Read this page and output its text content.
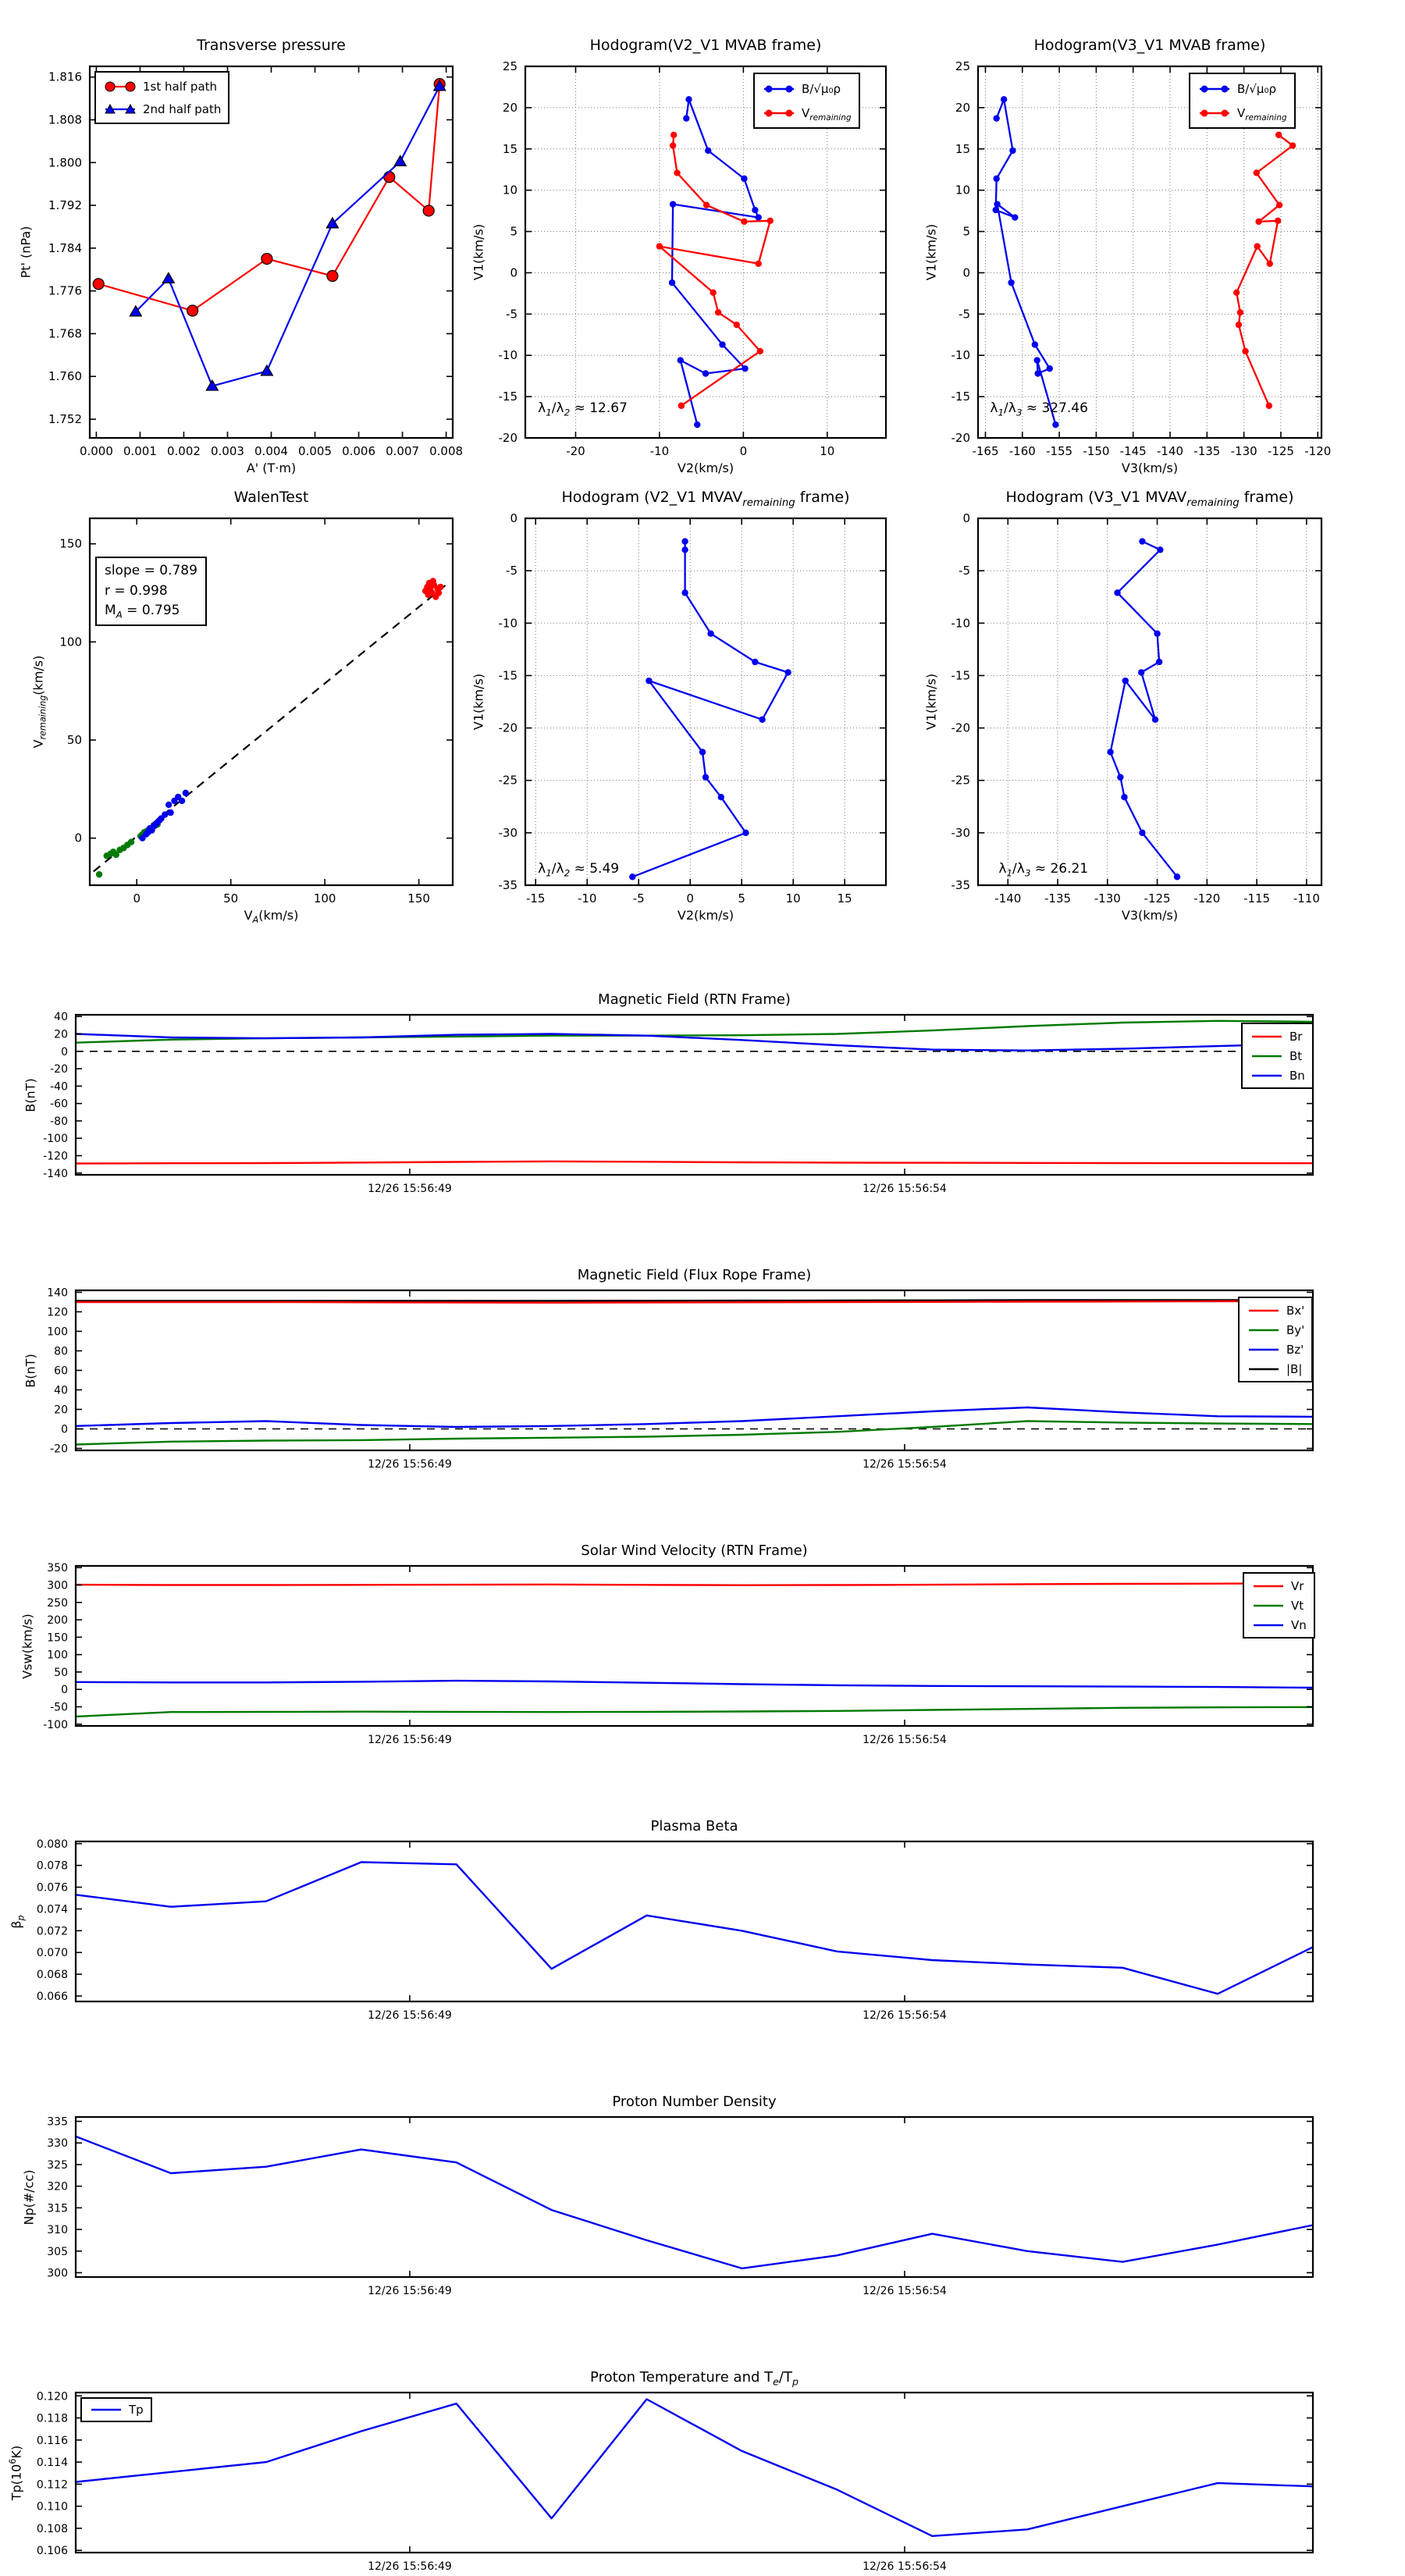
Transverse pressure
Pt' (nPa)
A' (T·m)
0.000 0.001 0.002 0.003 0.004 0.005 0.006 0.007 0.008
1.752
1.760
1.768
1.776
1.784
1.792
1.800
1.808
1.816
1st half path
2nd half path
Hodogram(V2_V1 MVAB frame)
V1(km/s)
V2(km/s)
-20	-10	0	10
-20
-15
-10
-5
0
5
10
15
20
25
$\lambda_1/\lambda_2 \approx 12.67$
B/√μ₀ρ
$V_{remaining}$
Hodogram(V3_V1 MVAB frame)
V1(km/s)
V3(km/s)
-165 -160 -155 -150 -145 -140 -135 -130 -125 -120
-20
-15
-10
-5
0
5
10
15
20
25
$\lambda_1/\lambda_3 \approx 327.46$
B/√μ₀ρ
$V_{remaining}$
WalenTest
$V_{remaining}(km/s)$
$V_A(km/s)$
0	50	100	150
0
50
100
150
slope = 0.789
r = 0.998
$M_A = 0.795$
Hodogram (V2_V1 $MVAV_{remaining}$ frame)
V1(km/s)
V2(km/s)
-15	-10	-5	0	5	10	15
-35
-30
-25
-20
-15
-10
-5
0
$\lambda_1/\lambda_2 \approx 5.49$
Hodogram (V3_V1 $MVAV_{remaining}$ frame)
V1(km/s)
V3(km/s)
-140 -135 -130 -125 -120 -115 -110
-35
-30
-25
-20
-15
-10
-5
0
$\lambda_1/\lambda_3 \approx 26.21$
Magnetic Field (RTN Frame)
B(nT)
12/26 15:56:49	12/26 15:56:54
40
20
0
-20
-40
-60
-80
-100
-120
-140
Br
Bt
Bn
Magnetic Field (Flux Rope Frame)
B(nT)
12/26 15:56:49	12/26 15:56:54
140
120
100
80
60
40
20
0
-20
Bx'
By'
Bz'
|B|
Solar Wind Velocity (RTN Frame)
Vsw(km/s)
12/26 15:56:49	12/26 15:56:54
350
300
250
200
150
100
50
0
-50
-100
Vr
Vt
Vn
Plasma Beta
$\beta_p$
12/26 15:56:49	12/26 15:56:54
0.066
0.068
0.070
0.072
0.074
0.076
0.078
0.080
Proton Number Density
Np(#/cc)
12/26 15:56:49	12/26 15:56:54
300
305
310
315
320
325
330
335
Proton Temperature and $T_e/T_p$
$Tp(10^6K)$
12/26 15:56:49	12/26 15:56:54
0.106
0.108
0.110
0.112
0.114
0.116
0.118
0.120
Tp
